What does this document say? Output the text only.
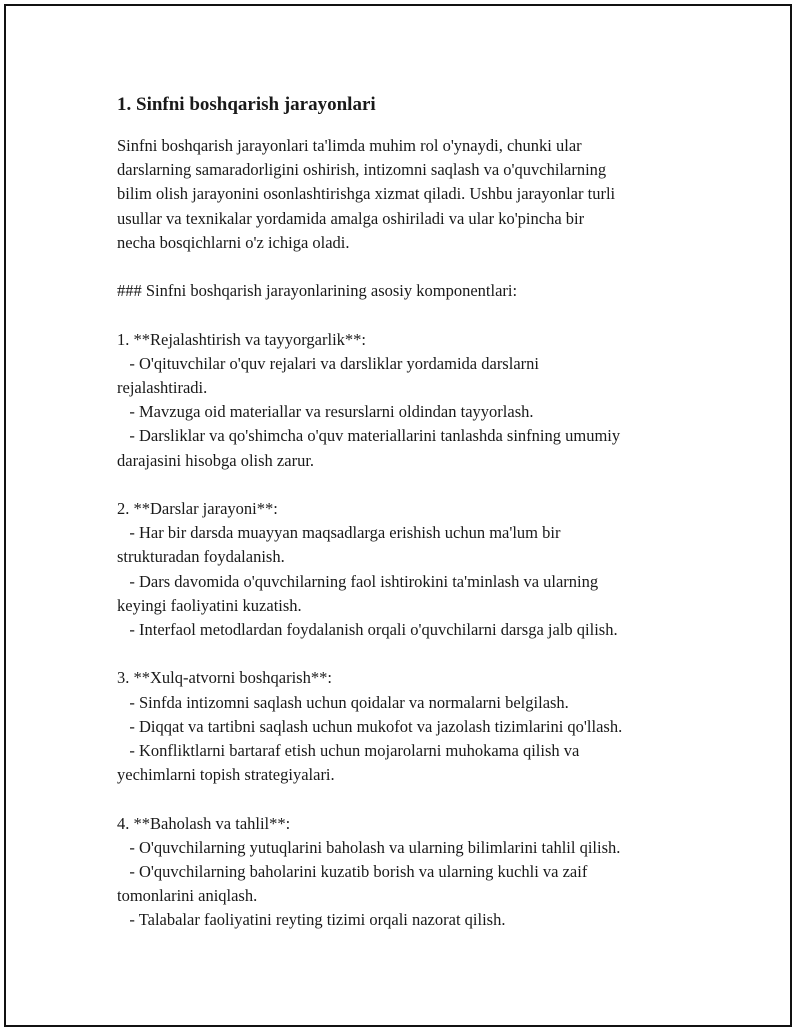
1. Sinfni boshqarish jarayonlari
Sinfni boshqarish jarayonlari ta'limda muhim rol o'ynaydi, chunki ular
darslarning samaradorligini oshirish, intizomni saqlash va o'quvchilarning
bilim olish jarayonini osonlashtirishga xizmat qiladi. Ushbu jarayonlar turli
usullar va texnikalar yordamida amalga oshiriladi va ular ko'pincha bir
necha bosqichlarni o'z ichiga oladi.
### Sinfni boshqarish jarayonlarining asosiy komponentlari:
1. **Rejalashtirish va tayyorgarlik**:
- O'qituvchilar o'quv rejalari va darsliklar yordamida darslarni
rejalashtiradi.
- Mavzuga oid materiallar va resurslarni oldindan tayyorlash.
- Darsliklar va qo'shimcha o'quv materiallarini tanlashda sinfning umumiy
darajasini hisobga olish zarur.
2. **Darslar jarayoni**:
- Har bir darsda muayyan maqsadlarga erishish uchun ma'lum bir
strukturadan foydalanish.
- Dars davomida o'quvchilarning faol ishtirokini ta'minlash va ularning
keyingi faoliyatini kuzatish.
- Interfaol metodlardan foydalanish orqali o'quvchilarni darsga jalb qilish.
3. **Xulq-atvorni boshqarish**:
- Sinfda intizomni saqlash uchun qoidalar va normalarni belgilash.
- Diqqat va tartibni saqlash uchun mukofot va jazolash tizimlarini qo'llash.
- Konfliktlarni bartaraf etish uchun mojarolarni muhokama qilish va
yechimlarni topish strategiyalari.
4. **Baholash va tahlil**:
- O'quvchilarning yutuqlarini baholash va ularning bilimlarini tahlil qilish.
- O'quvchilarning baholarini kuzatib borish va ularning kuchli va zaif
tomonlarini aniqlash.
- Talabalar faoliyatini reyting tizimi orqali nazorat qilish.
